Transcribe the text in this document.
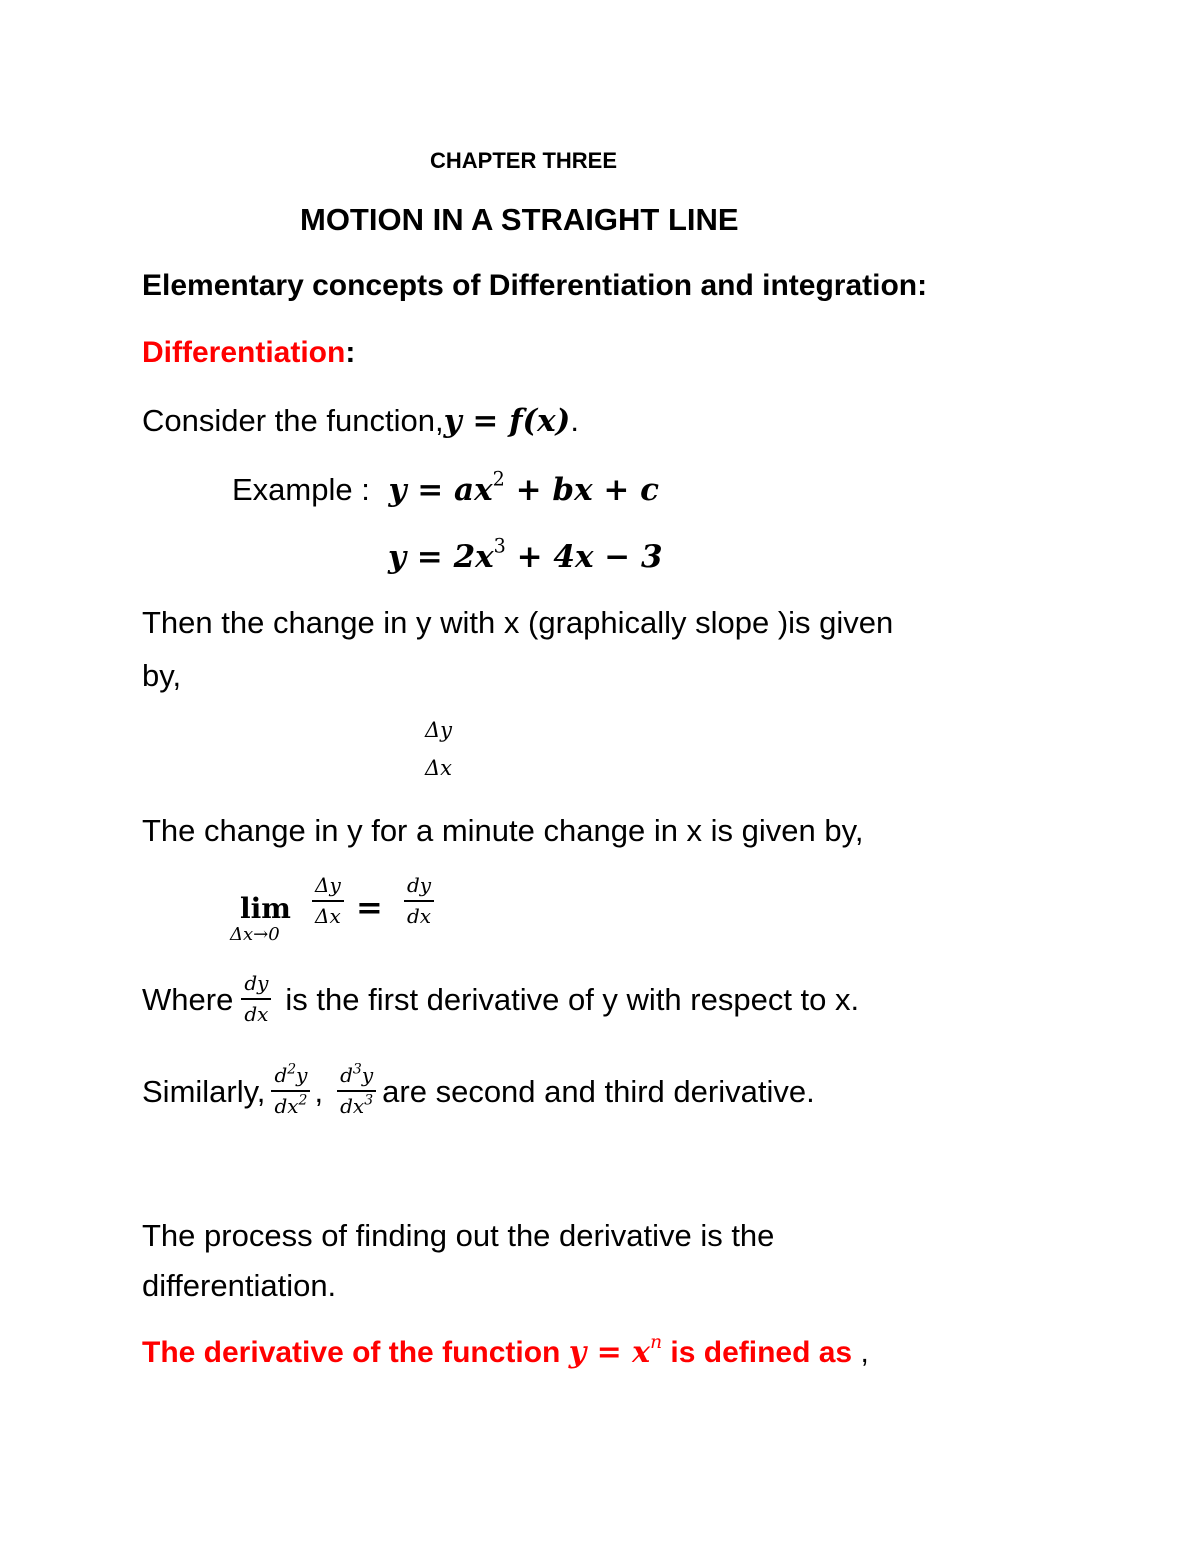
CHAPTER THREE
MOTION IN A STRAIGHT LINE
Elementary concepts of Differentiation and integration:
Differentiation:
Consider the function,y = f(x).
Example : $y = ax^2$ + bx + c
$y = 2x^3 + 4x - 3$
Then the change in y with x (graphically slope )is given
by,
Δy
Δx
The change in y for a minute change in x is given by,
lim
Δx→0
$\frac{\Delta y}{\Delta x} = \frac{dy}{dx}$
Where $\frac{dy}{dx}$ is the first derivative of y with respect to x.
Similarly, $\frac{d^2y}{dx^2}$ , $\frac{d^3y}{dx^3}$ are second and third derivative.
The process of finding out the derivative is the
differentiation.
The derivative of the function $y = x^n$ is defined as ,
